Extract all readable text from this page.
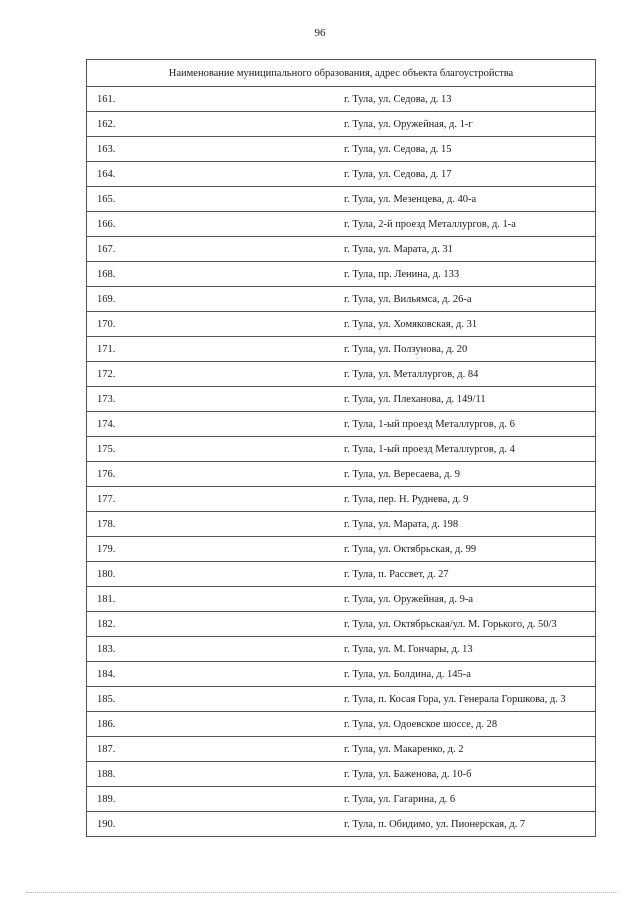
96
Наименование муниципального образования, адрес объекта благоустройства	
161.	г. Тула, ул. Седова, д. 13
162.	г. Тула, ул. Оружейная, д. 1-г
163.	г. Тула, ул. Седова, д. 15
164.	г. Тула, ул. Седова, д. 17
165.	г. Тула, ул. Мезенцева, д. 40-а
166.	г. Тула, 2-й проезд Металлургов, д. 1-а
167.	г. Тула, ул. Марата, д. 31
168.	г. Тула, пр. Ленина, д. 133
169.	г. Тула, ул. Вильямса, д. 26-а
170.	г. Тула, ул. Хомяковская, д. 31
171.	г. Тула, ул. Ползунова, д. 20
172.	г. Тула, ул. Металлургов, д. 84
173.	г. Тула, ул. Плеханова, д. 149/11
174.	г. Тула, 1-ый проезд Металлургов, д. 6
175.	г. Тула, 1-ый проезд Металлургов, д. 4
176.	г. Тула, ул. Вересаева, д. 9
177.	г. Тула, пер. Н. Руднева, д. 9
178.	г. Тула, ул. Марата, д. 198
179.	г. Тула, ул. Октябрьская, д. 99
180.	г. Тула, п. Рассвет, д. 27
181.	г. Тула, ул. Оружейная, д. 9-а
182.	г. Тула, ул. Октябрьская/ул. М. Горького, д. 50/3
183.	г. Тула, ул. М. Гончары, д. 13
184.	г. Тула, ул. Болдина, д. 145-а
185.	г. Тула, п. Косая Гора, ул. Генерала Горшкова, д. 3
186.	г. Тула, ул. Одоевское шоссе, д. 28
187.	г. Тула, ул. Макаренко, д. 2
188.	г. Тула, ул. Баженова, д. 10-б
189.	г. Тула, ул. Гагарина, д. 6
190.	г. Тула, п. Обидимо, ул. Пионерская, д. 7
